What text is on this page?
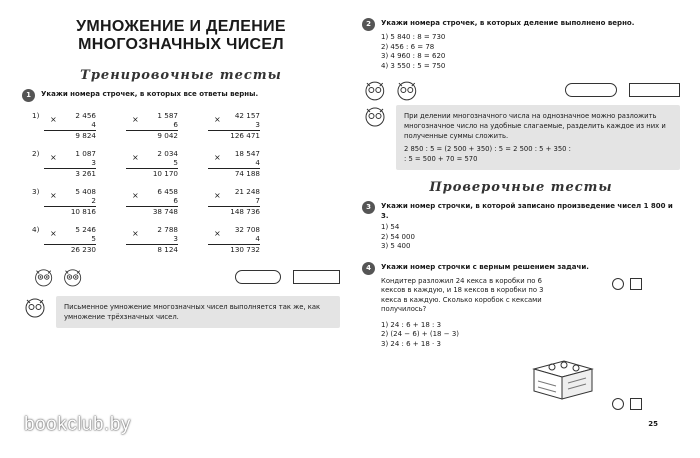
УМНОЖЕНИЕ И ДЕЛЕНИЕ
МНОГОЗНАЧНЫХ ЧИСЕЛ
Тренировочные тесты
1	Укажи номера строчек, в которых все ответы верны.
1)	×	2 456
4
9 824
×	1 587
6
9 042
×	42 157
3
126 471
2)	×	1 087
3
3 261
×	2 034
5
10 170
×	18 547
4
74 188
3)	×	5 408
2
10 816
×	6 458
6
38 748
×	21 248
7
148 736
4)	×	5 246
5
26 230
×	2 788
3
8 124
×	32 708
4
130 732
Письменное умножение многозначных чисел выполняется так же, как умножение трёхзначных чисел.
2	Укажи номера строчек, в которых деление выполнено верно.
1) 5 840 : 8 = 730
2) 456 : 6 = 78
3) 4 960 : 8 = 620
4) 3 550 : 5 = 750
При делении многозначного числа на однозначное можно разложить многозначное число на удобные слагаемые, разделить каждое из них и полученные суммы сложить.
2 850 : 5 = (2 500 + 350) : 5 = 2 500 : 5 + 350 :
: 5 = 500 + 70 = 570
Проверочные тесты
3	Укажи номер строчки, в которой записано произведение чисел 1 800 и 3.
1) 54
2) 54 000
3) 5 400
4	Укажи номер строчки с верным решением задачи.
Кондитер разложил 24 кекса в коробки по 6 кексов в каждую, и 18 кексов в коробки по 3 кекса в каждую. Сколько коробок с кексами получилось?
1) 24 : 6 + 18 : 3
2) (24 − 6) + (18 − 3)
3) 24 : 6 + 18 · 3
25
bookclub.by
